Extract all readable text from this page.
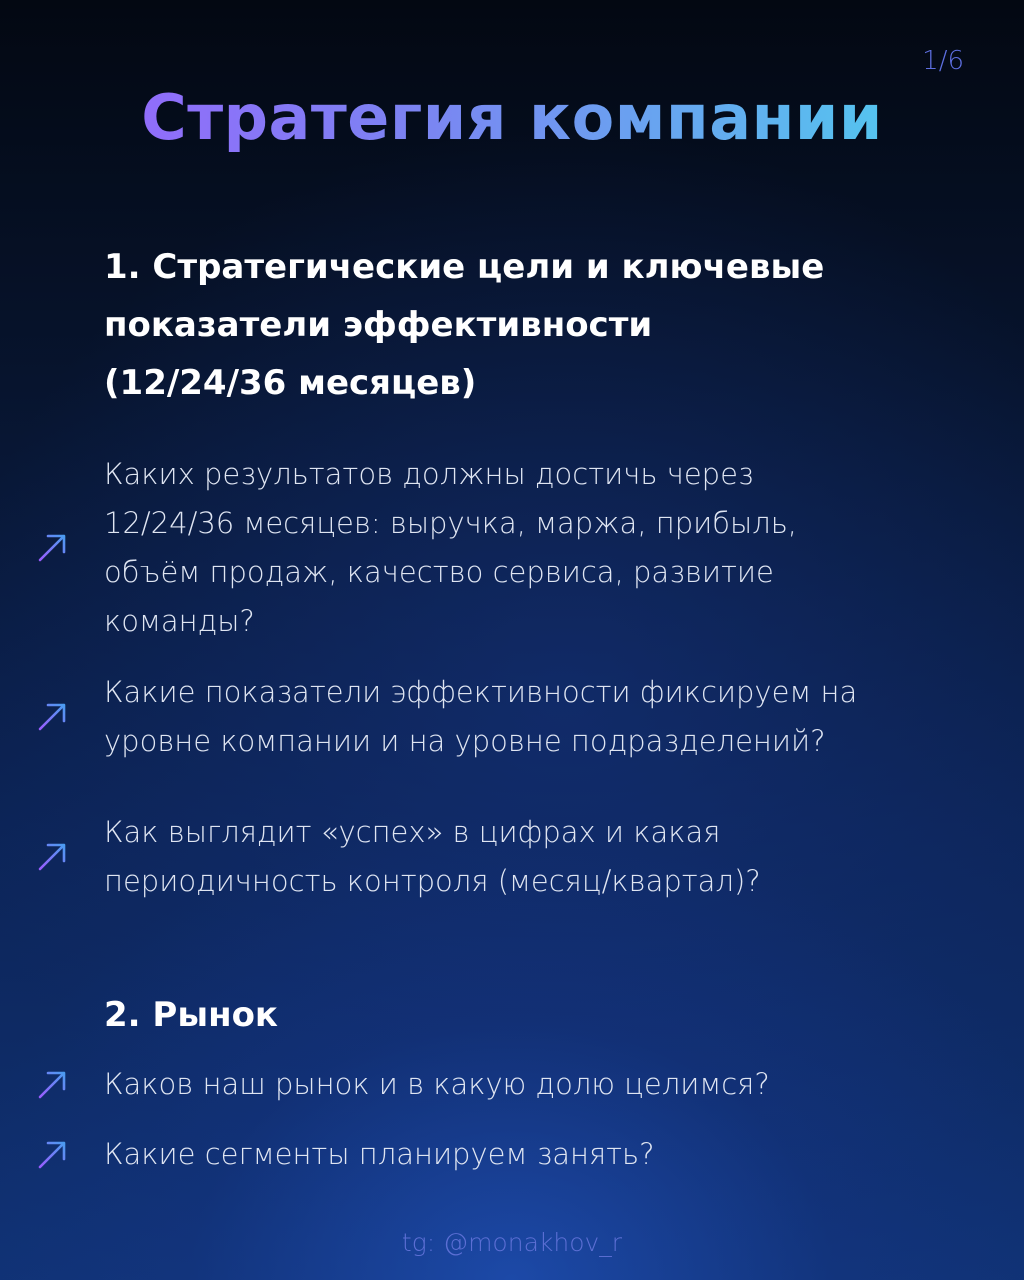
1/6
Стратегия компании
1. Стратегические цели и ключевые
показатели эффективности
(12/24/36 месяцев)
Каких результатов должны достичь через
12/24/36 месяцев: выручка, маржа, прибыль,
объём продаж, качество сервиса, развитие
команды?
Какие показатели эффективности фиксируем на
уровне компании и на уровне подразделений?
Как выглядит «успех» в цифрах и какая
периодичность контроля (месяц/квартал)?
2. Рынок
Каков наш рынок и в какую долю целимся?
Какие сегменты планируем занять?
tg: @monakhov_r
